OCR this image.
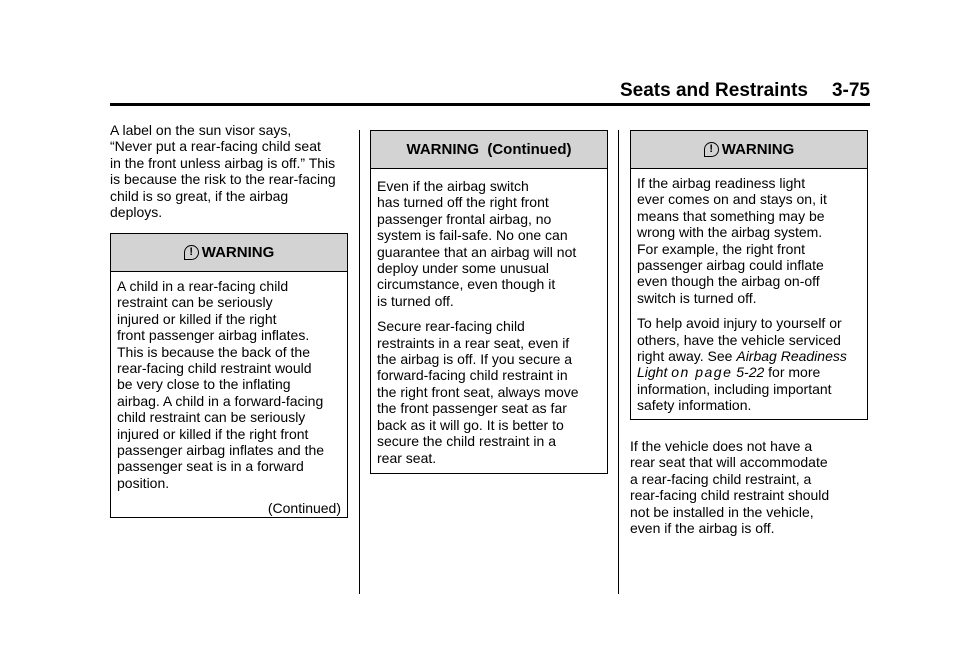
Seats and Restraints 3-75
A label on the sun visor says,
“Never put a rear-facing child seat
in the front unless airbag is off.” This
is because the risk to the rear-facing
child is so great, if the airbag
deploys.
! WARNING

A child in a rear-facing child
restraint can be seriously
injured or killed if the right
front passenger airbag inflates.
This is because the back of the
rear-facing child restraint would
be very close to the inflating
airbag. A child in a forward-facing
child restraint can be seriously
injured or killed if the right front
passenger airbag inflates and the
passenger seat is in a forward
position.

(Continued)
WARNING  (Continued)

Even if the airbag switch
has turned off the right front
passenger frontal airbag, no
system is fail-safe. No one can
guarantee that an airbag will not
deploy under some unusual
circumstance, even though it
is turned off.

Secure rear-facing child
restraints in a rear seat, even if
the airbag is off. If you secure a
forward-facing child restraint in
the right front seat, always move
the front passenger seat as far
back as it will go. It is better to
secure the child restraint in a
rear seat.

! WARNING

If the airbag readiness light
ever comes on and stays on, it
means that something may be
wrong with the airbag system.
For example, the right front
passenger airbag could inflate
even though the airbag on-off
switch is turned off.

To help avoid injury to yourself or
others, have the vehicle serviced
right away. See Airbag Readiness
Light on page 5-22 for more
information, including important
safety information.

If the vehicle does not have a
rear seat that will accommodate
a rear-facing child restraint, a
rear-facing child restraint should
not be installed in the vehicle,
even if the airbag is off.
